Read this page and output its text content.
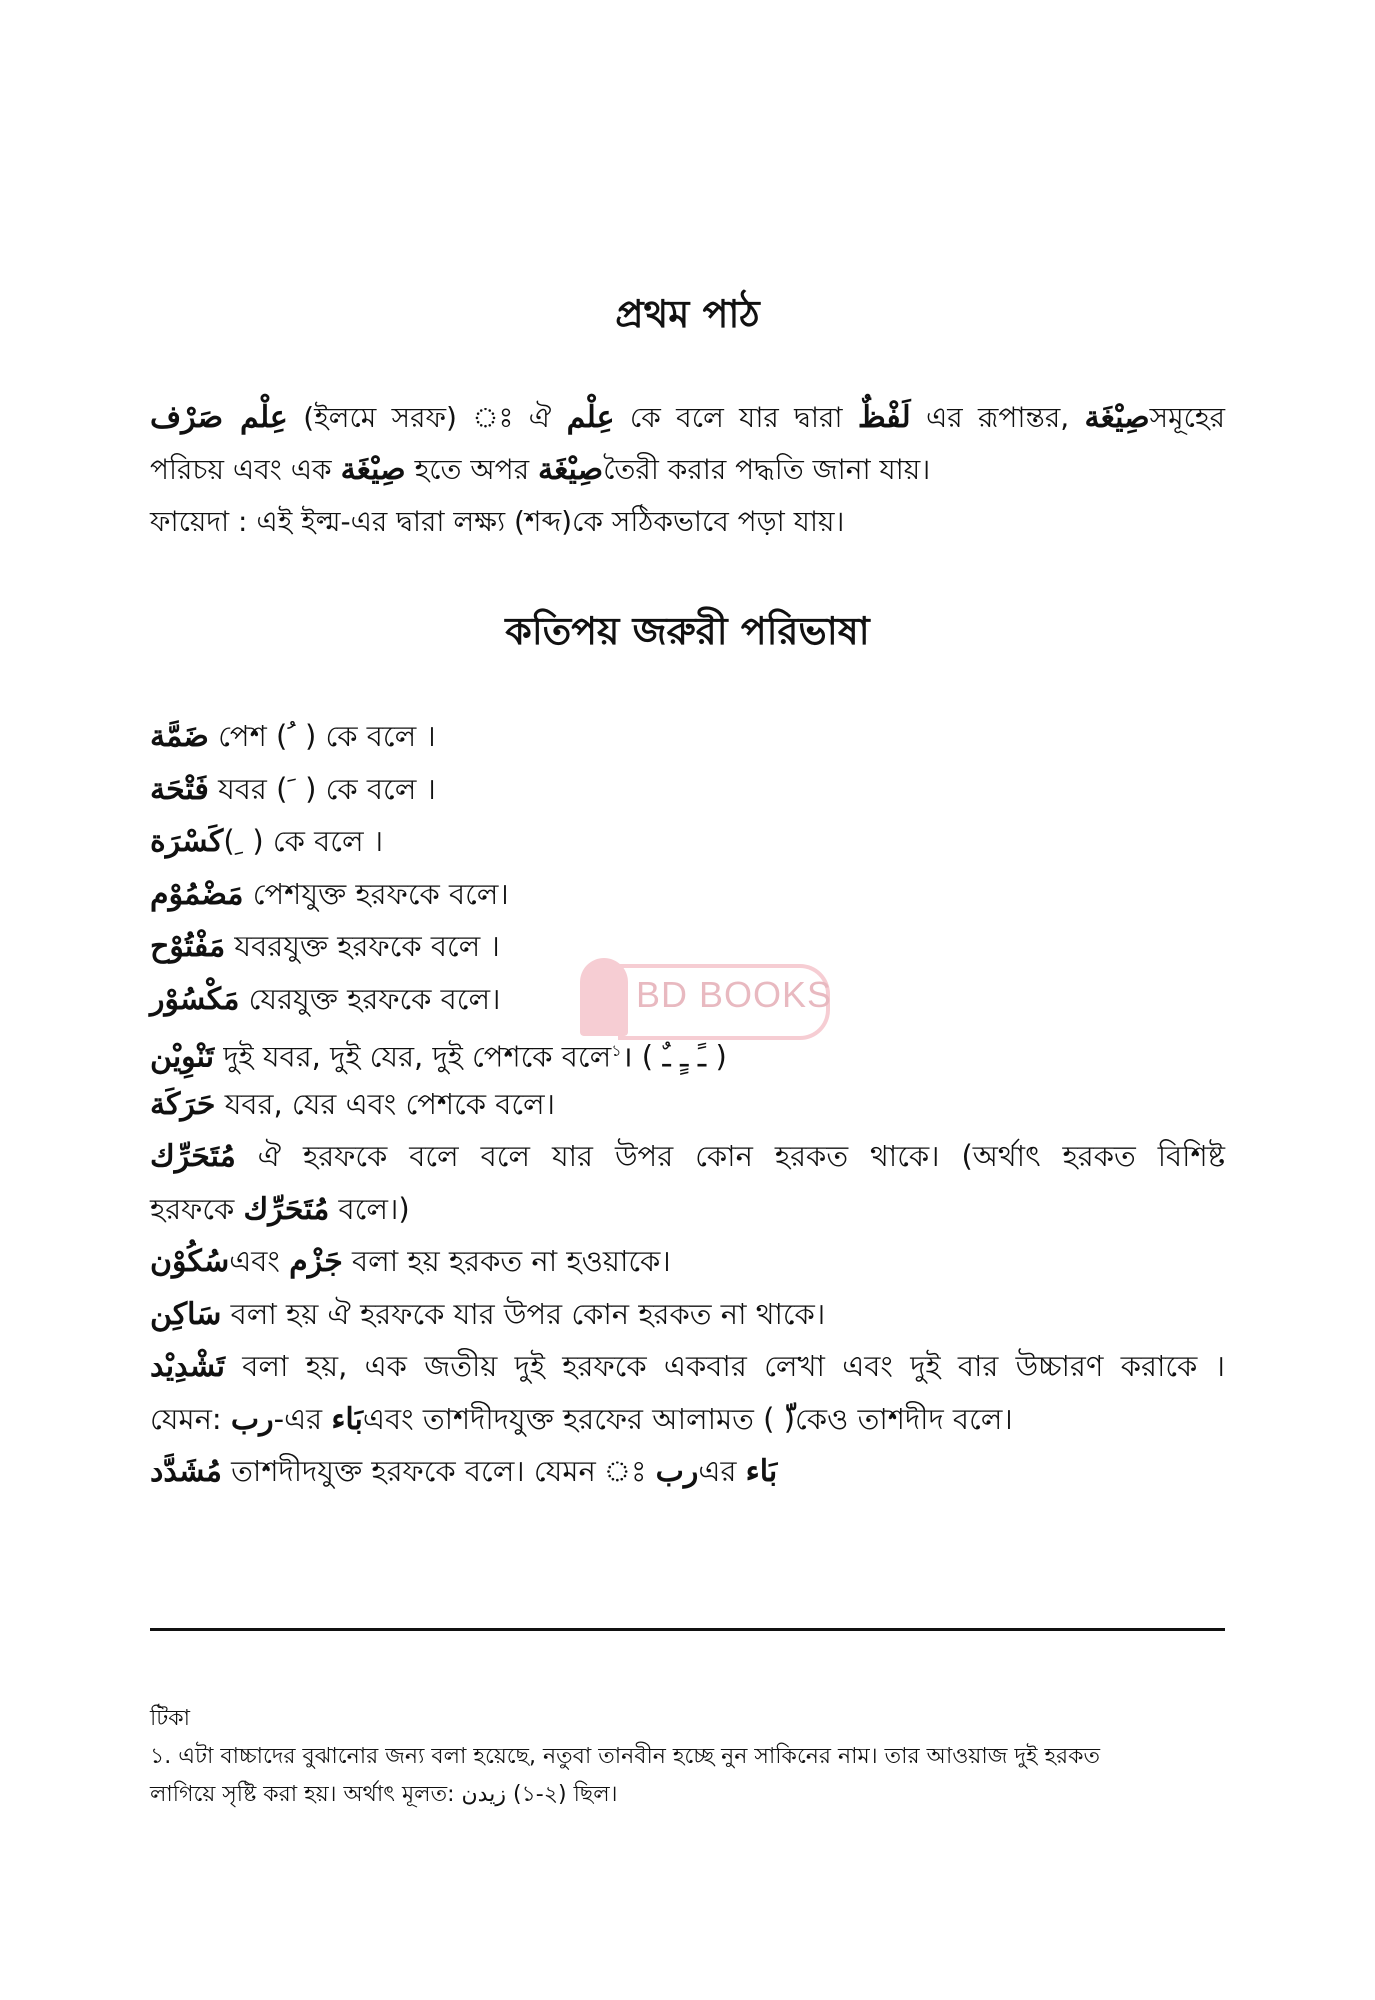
প্রথম পাঠ
عِلْم صَرْف (ইলমে সরফ) ঃ ঐ عِلْم কে বলে যার দ্বারা لَفْظٌ এর রূপান্তর, صِيْغَةসমূহের
পরিচয় এবং এক صِيْغَة হতে অপর صِيْغَةতৈরী করার পদ্ধতি জানা যায়।
ফায়েদা : এই ইল্ম-এর দ্বারা লক্ষ্য (শব্দ)কে সঠিকভাবে পড়া যায়।
কতিপয় জরুরী পরিভাষা
ضَمَّة পেশ ( ُ ) কে বলে ।
فَتْحَة যবর ( َ ) কে বলে ।
كَسْرَة( ِ ) কে বলে ।
مَضْمُوْم পেশযুক্ত হরফকে বলে।
مَفْتُوْح যবরযুক্ত হরফকে বলে ।
مَكْسُوْر যেরযুক্ত হরফকে বলে।
تَنْوِيْن দুই যবর, দুই যের, দুই পেশকে বলে$^১$। ( ـً ـٍ ـٌ )
حَرَكَة যবর, যের এবং পেশকে বলে।
مُتَحَرِّك ঐ হরফকে বলে বলে যার উপর কোন হরকত থাকে। (অর্থাৎ হরকত বিশিষ্ট
হরফকে مُتَحَرِّك বলে।)
سُكُوْنএবং جَزْم বলা হয় হরকত না হওয়াকে।
سَاكِن বলা হয় ঐ হরফকে যার উপর কোন হরকত না থাকে।
تَشْدِيْد বলা হয়, এক জতীয় দুই হরফকে একবার লেখা এবং দুই বার উচ্চারণ করাকে ।
যেমন: رب-এর بَاءএবং তাশদীদযুক্ত হরফের আলামত ( )কেও তাশদীদ বলে।
مُشَدَّد তাশদীদযুক্ত হরফকে বলে। যেমন ঃ ربএর بَاء
BD BOOKS
টিকা
১. এটা বাচ্চাদের বুঝানোর জন্য বলা হয়েছে, নতুবা তানবীন হচ্ছে নুন সাকিনের নাম। তার আওয়াজ দুই হরকত
লাগিয়ে সৃষ্টি করা হয়। অর্থাৎ মূলত: زيدن (১-২) ছিল।
